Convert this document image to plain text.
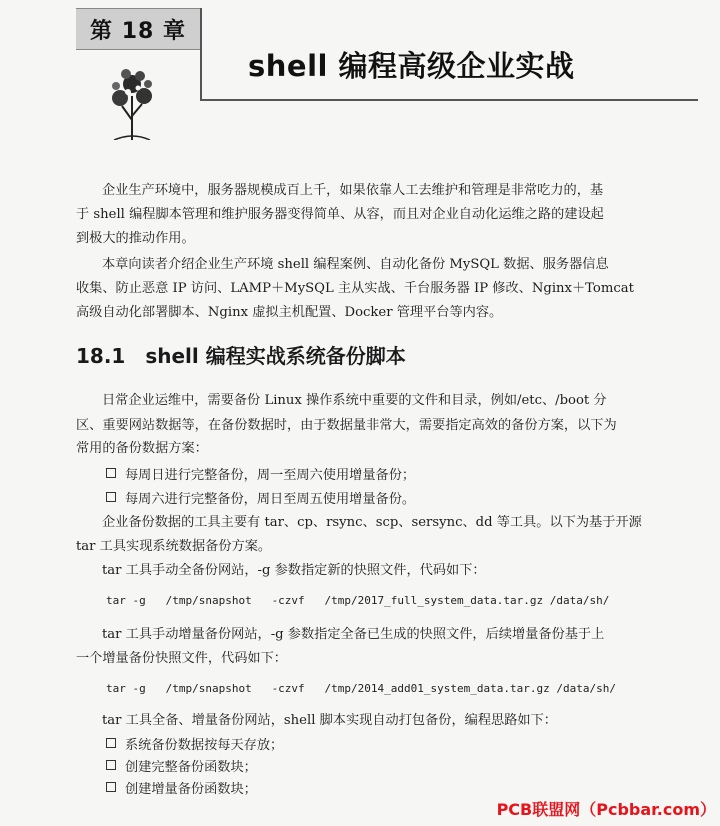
第 18 章
shell 编程高级企业实战
企业生产环境中，服务器规模成百上千，如果依靠人工去维护和管理是非常吃力的，基
于 shell 编程脚本管理和维护服务器变得简单、从容，而且对企业自动化运维之路的建设起
到极大的推动作用。
本章向读者介绍企业生产环境 shell 编程案例、自动化备份 MySQL 数据、服务器信息
收集、防止恶意 IP 访问、LAMP＋MySQL 主从实战、千台服务器 IP 修改、Nginx＋Tomcat
高级自动化部署脚本、Nginx 虚拟主机配置、Docker 管理平台等内容。
18.1　shell 编程实战系统备份脚本
日常企业运维中，需要备份 Linux 操作系统中重要的文件和目录，例如/etc、/boot 分
区、重要网站数据等，在备份数据时，由于数据量非常大，需要指定高效的备份方案，以下为
常用的备份数据方案：
每周日进行完整备份，周一至周六使用增量备份；
每周六进行完整备份，周日至周五使用增量备份。
企业备份数据的工具主要有 tar、cp、rsync、scp、sersync、dd 等工具。以下为基于开源
tar 工具实现系统数据备份方案。
tar 工具手动全备份网站，-g 参数指定新的快照文件，代码如下：
tar -g   /tmp/snapshot   -czvf   /tmp/2017_full_system_data.tar.gz /data/sh/
tar 工具手动增量备份网站，-g 参数指定全备已生成的快照文件，后续增量备份基于上
一个增量备份快照文件，代码如下：
tar -g   /tmp/snapshot   -czvf   /tmp/2014_add01_system_data.tar.gz /data/sh/
tar 工具全备、增量备份网站，shell 脚本实现自动打包备份，编程思路如下：
系统备份数据按每天存放；
创建完整备份函数块；
创建增量备份函数块；
PCB联盟网（Pcbbar.com）
